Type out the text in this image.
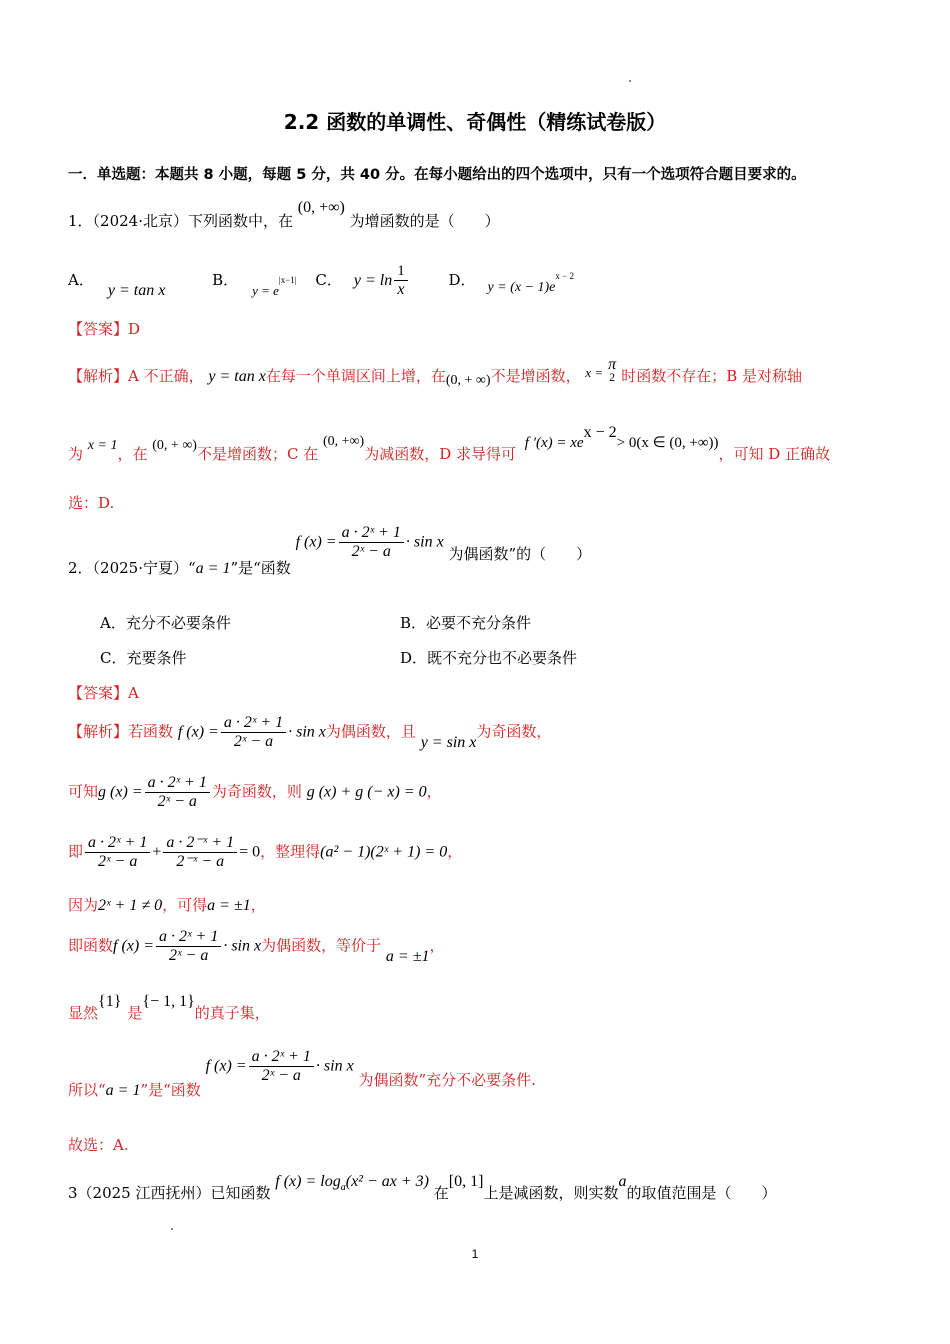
2.2 函数的单调性、奇偶性（精练试卷版）
一．单选题：本题共 8 小题，每题 5 分，共 40 分。在每小题给出的四个选项中，只有一个选项符合题目要求的。
1．（2024·北京）下列函数中，在 (0, +∞) 为增函数的是（　　）
A．y = tan x B．$y = e^{|x-1|}$ C． $y = \ln \frac{1}{x}$	D． $y = (x - 1)e^{x - 2}$
【答案】D
【解析】A 不正确， y = tan x在每一个单调区间上增，在(0, + ∞)不是增函数， x = π
2 时函数不存在；B 是对称轴
为 x = 1，在 (0, + ∞)不是增函数；C 在 (0, +∞)为减函数，D 求导得可 f $'(x) = xe^{x - 2}> 0(x$ ∈ (0, +∞))，可知 D 正确故
选：D.
2．（2025·宁夏）“a = 1”是“函数 f $(x) = \frac{\text{a · 2ˣ + 1}}{\text{2ˣ − a}} \cdot \sin x$ 为偶函数”的（　　）
A．充分不必要条件	B．必要不充分条件
C．充要条件	D．既不充分也不必要条件
【答案】A
【解析】若函数 f $(x) = \frac{\text{a · 2ˣ + 1}}{\text{2ˣ − a}} \cdot \sin x$为偶函数，且 y = sin x为奇函数，
可知g $(x) = \frac{\text{a · 2ˣ + 1}}{\text{2ˣ − a}}$ 为奇函数，则 g (x) + g (− x) = 0，
即 $\frac{\text{a · 2ˣ + 1}}{\text{2ˣ − a}} + \frac{\text{a · 2⁻ˣ + 1}}{\text{2⁻ˣ − a}} = 0$，整理得(a² − 1)(2ˣ + 1) = 0，
因为2ˣ + 1 ≠ 0，可得a = ±1，
即函数f $(x) = \frac{\text{a · 2ˣ + 1}}{\text{2ˣ − a}} \cdot \sin x$为偶函数，等价于 a = ±1，
显然{1}是{− 1, 1}的真子集，
所以“a = 1”是“函数 f $(x) = \frac{\text{a · 2ˣ + 1}}{\text{2ˣ − a}} \cdot \sin x$ 为偶函数”充分不必要条件.
故选：A.
3（2025 江西抚州）已知函数 f $(x) = \log_a(x^2$ − ax + 3) 在[0, 1]上是减函数，则实数a的取值范围是（　　）
1
